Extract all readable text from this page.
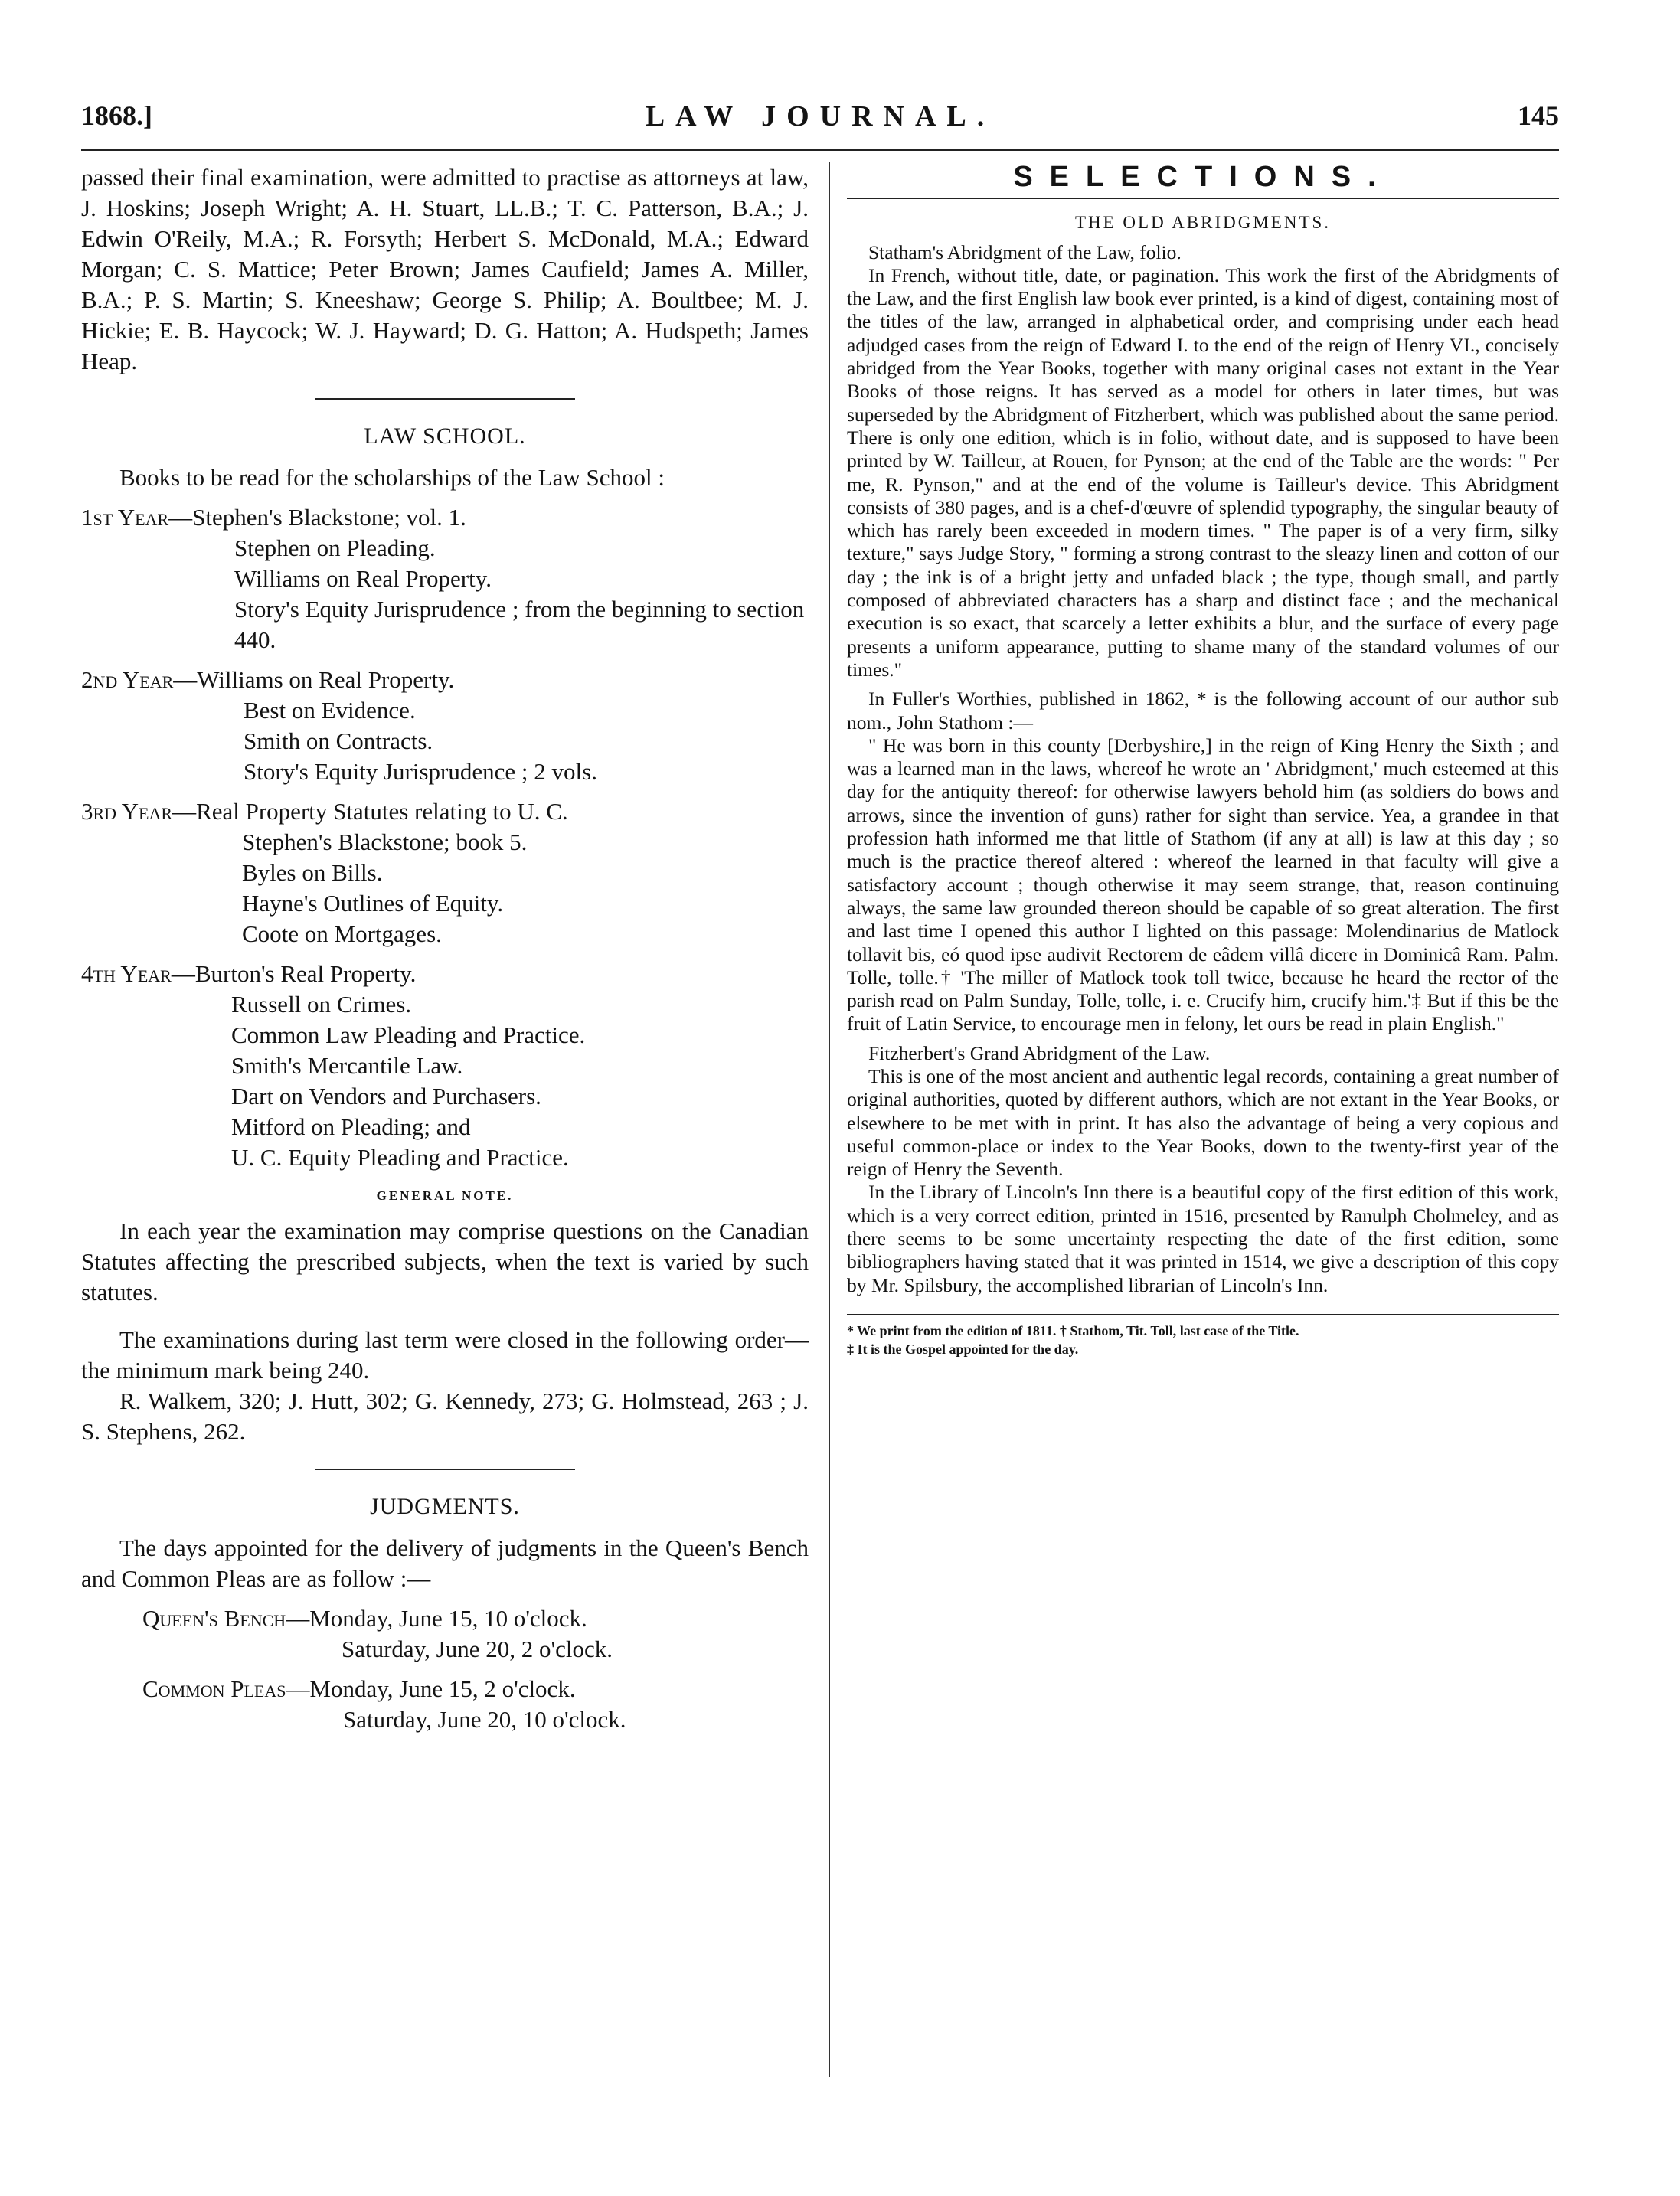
1868.]	LAW JOURNAL.	145

passed their final examination, were admitted to practise as attorneys at law, J. Hoskins; Joseph Wright; A. H. Stuart, LL.B.; T. C. Patterson, B.A.; J. Edwin O'Reily, M.A.; R. Forsyth; Herbert S. McDonald, M.A.; Edward Morgan; C. S. Mattice; Peter Brown; James Caufield; James A. Miller, B.A.; P. S. Martin; S. Kneeshaw; George S. Philip; A. Boultbee; M. J. Hickie; E. B. Haycock; W. J. Hayward; D. G. Hatton; A. Hudspeth; James Heap.

LAW SCHOOL.

Books to be read for the scholarships of the Law School :

1st Year—Stephen's Blackstone; vol. 1.
Stephen on Pleading.
Williams on Real Property.
Story's Equity Jurisprudence ; from the beginning to section 440.
2nd Year—Williams on Real Property.
Best on Evidence.
Smith on Contracts.
Story's Equity Jurisprudence ; 2 vols.
3rd Year—Real Property Statutes relating to U. C.
Stephen's Blackstone; book 5.
Byles on Bills.
Hayne's Outlines of Equity.
Coote on Mortgages.
4th Year—Burton's Real Property.
Russell on Crimes.
Common Law Pleading and Practice.
Smith's Mercantile Law.
Dart on Vendors and Purchasers.
Mitford on Pleading; and
U. C. Equity Pleading and Practice.
GENERAL NOTE.

In each year the examination may comprise questions on the Canadian Statutes affecting the prescribed subjects, when the text is varied by such statutes.

The examinations during last term were closed in the following order—the minimum mark being 240.

R. Walkem, 320; J. Hutt, 302; G. Kennedy, 273; G. Holmstead, 263 ; J. S. Stephens, 262.

JUDGMENTS.

The days appointed for the delivery of judgments in the Queen's Bench and Common Pleas are as follow :—

Queen's Bench—Monday, June 15, 10 o'clock.
Saturday, June 20, 2 o'clock.
Common Pleas—Monday, June 15, 2 o'clock.
Saturday, June 20, 10 o'clock.
SELECTIONS.
THE OLD ABRIDGMENTS.

Statham's Abridgment of the Law, folio.

In French, without title, date, or pagination. This work the first of the Abridgments of the Law, and the first English law book ever printed, is a kind of digest, containing most of the titles of the law, arranged in alphabetical order, and comprising under each head adjudged cases from the reign of Edward I. to the end of the reign of Henry VI., concisely abridged from the Year Books, together with many original cases not extant in the Year Books of those reigns. It has served as a model for others in later times, but was superseded by the Abridgment of Fitzherbert, which was published about the same period. There is only one edition, which is in folio, without date, and is supposed to have been printed by W. Tailleur, at Rouen, for Pynson; at the end of the Table are the words: " Per me, R. Pynson," and at the end of the volume is Tailleur's device. This Abridgment consists of 380 pages, and is a chef-d'œuvre of splendid typography, the singular beauty of which has rarely been exceeded in modern times. " The paper is of a very firm, silky texture," says Judge Story, " forming a strong contrast to the sleazy linen and cotton of our day ; the ink is of a bright jetty and unfaded black ; the type, though small, and partly composed of abbreviated characters has a sharp and distinct face ; and the mechanical execution is so exact, that scarcely a letter exhibits a blur, and the surface of every page presents a uniform appearance, putting to shame many of the standard volumes of our times."

In Fuller's Worthies, published in 1862, * is the following account of our author sub nom., John Stathom :—

" He was born in this county [Derbyshire,] in the reign of King Henry the Sixth ; and was a learned man in the laws, whereof he wrote an ' Abridgment,' much esteemed at this day for the antiquity thereof: for otherwise lawyers behold him (as soldiers do bows and arrows, since the invention of guns) rather for sight than service. Yea, a grandee in that profession hath informed me that little of Stathom (if any at all) is law at this day ; so much is the practice thereof altered : whereof the learned in that faculty will give a satisfactory account ; though otherwise it may seem strange, that, reason continuing always, the same law grounded thereon should be capable of so great alteration. The first and last time I opened this author I lighted on this passage: Molendinarius de Matlock tollavit bis, eó quod ipse audivit Rectorem de eâdem villâ dicere in Dominicâ Ram. Palm. Tolle, tolle.† 'The miller of Matlock took toll twice, because he heard the rector of the parish read on Palm Sunday, Tolle, tolle, i. e. Crucify him, crucify him.'‡ But if this be the fruit of Latin Service, to encourage men in felony, let ours be read in plain English."

Fitzherbert's Grand Abridgment of the Law.

This is one of the most ancient and authentic legal records, containing a great number of original authorities, quoted by different authors, which are not extant in the Year Books, or elsewhere to be met with in print. It has also the advantage of being a very copious and useful common-place or index to the Year Books, down to the twenty-first year of the reign of Henry the Seventh.

In the Library of Lincoln's Inn there is a beautiful copy of the first edition of this work, which is a very correct edition, printed in 1516, presented by Ranulph Cholmeley, and as there seems to be some uncertainty respecting the date of the first edition, some bibliographers having stated that it was printed in 1514, we give a description of this copy by Mr. Spilsbury, the accomplished librarian of Lincoln's Inn.

* We print from the edition of 1811. † Stathom, Tit. Toll, last case of the Title.
‡ It is the Gospel appointed for the day.
